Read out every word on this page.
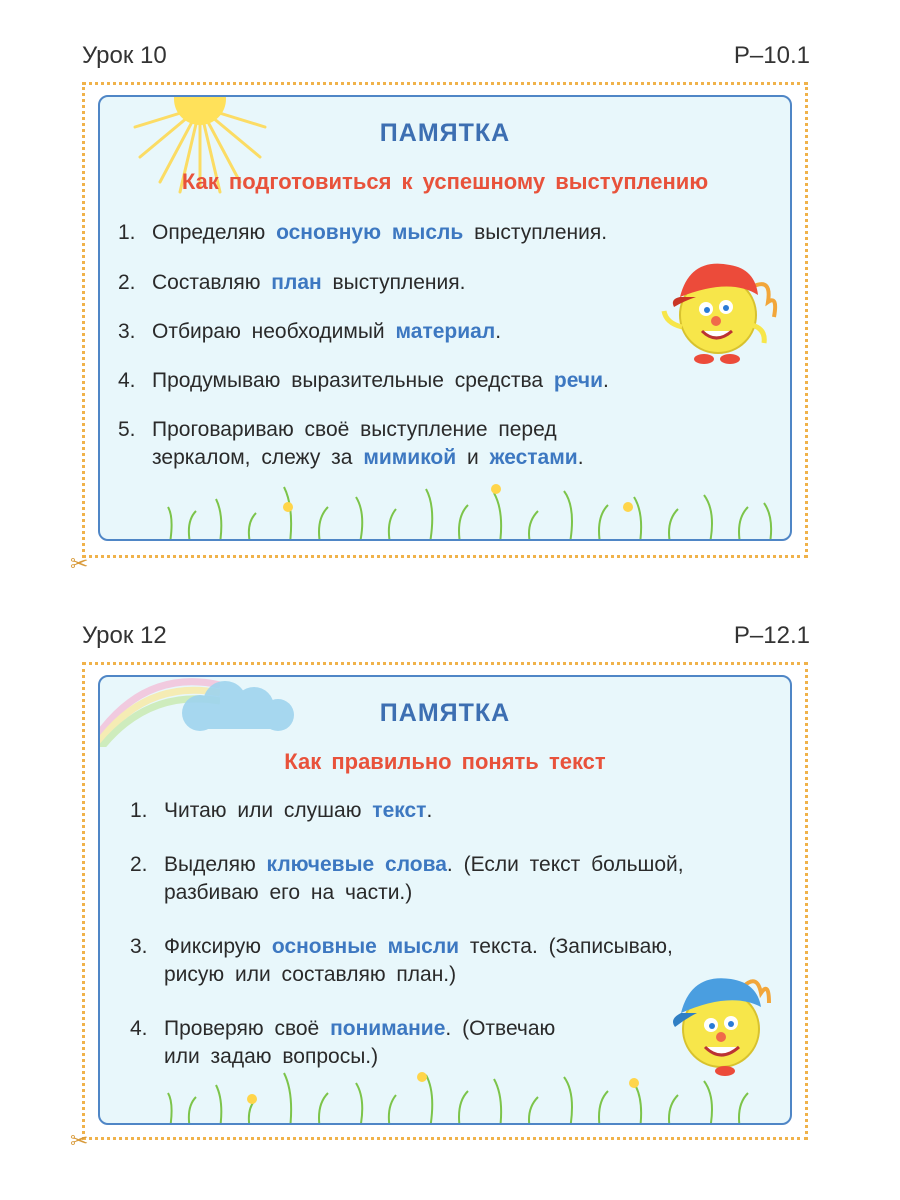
Урок 10	Р–10.1
✂
ПАМЯТКА
Как подготовиться к успешному выступлению
1. Определяю основную мысль выступления.
2. Составляю план выступления.
3. Отбираю необходимый материал.
4. Продумываю выразительные средства речи.
5. Проговариваю своё выступление перед
зеркалом, слежу за мимикой и жестами.
Урок 12	Р–12.1
✂
ПАМЯТКА
Как правильно понять текст
1. Читаю или слушаю текст.
2. Выделяю ключевые слова. (Если текст большой,
разбиваю его на части.)
3. Фиксирую основные мысли текста. (Записываю,
рисую или составляю план.)
4. Проверяю своё понимание. (Отвечаю
или задаю вопросы.)
